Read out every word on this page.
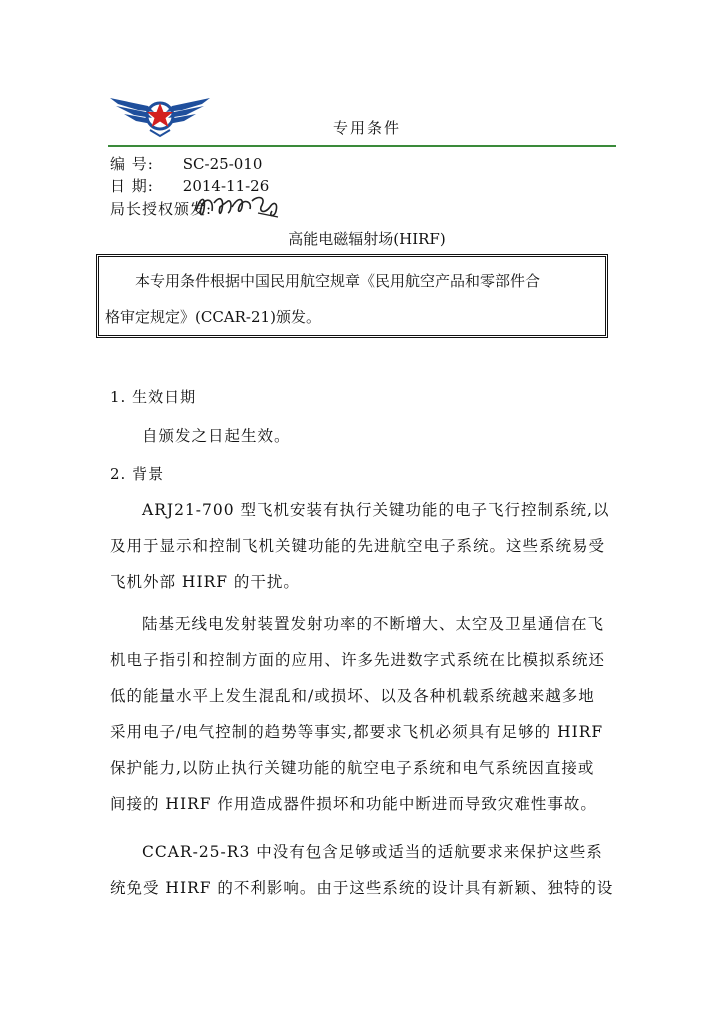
专用条件
编 号: SC-25-010
日 期: 2014-11-26
局长授权颁发:
高能电磁辐射场(HIRF)
本专用条件根据中国民用航空规章《民用航空产品和零部件合
格审定规定》(CCAR-21)颁发。
1. 生效日期
自颁发之日起生效。
2. 背景
ARJ21-700 型飞机安装有执行关键功能的电子飞行控制系统,以
及用于显示和控制飞机关键功能的先进航空电子系统。这些系统易受
飞机外部 HIRF 的干扰。
陆基无线电发射装置发射功率的不断增大、太空及卫星通信在飞
机电子指引和控制方面的应用、许多先进数字式系统在比模拟系统还
低的能量水平上发生混乱和/或损坏、以及各种机载系统越来越多地
采用电子/电气控制的趋势等事实,都要求飞机必须具有足够的 HIRF
保护能力,以防止执行关键功能的航空电子系统和电气系统因直接或
间接的 HIRF 作用造成器件损坏和功能中断进而导致灾难性事故。
CCAR-25-R3 中没有包含足够或适当的适航要求来保护这些系
统免受 HIRF 的不利影响。由于这些系统的设计具有新颖、独特的设
